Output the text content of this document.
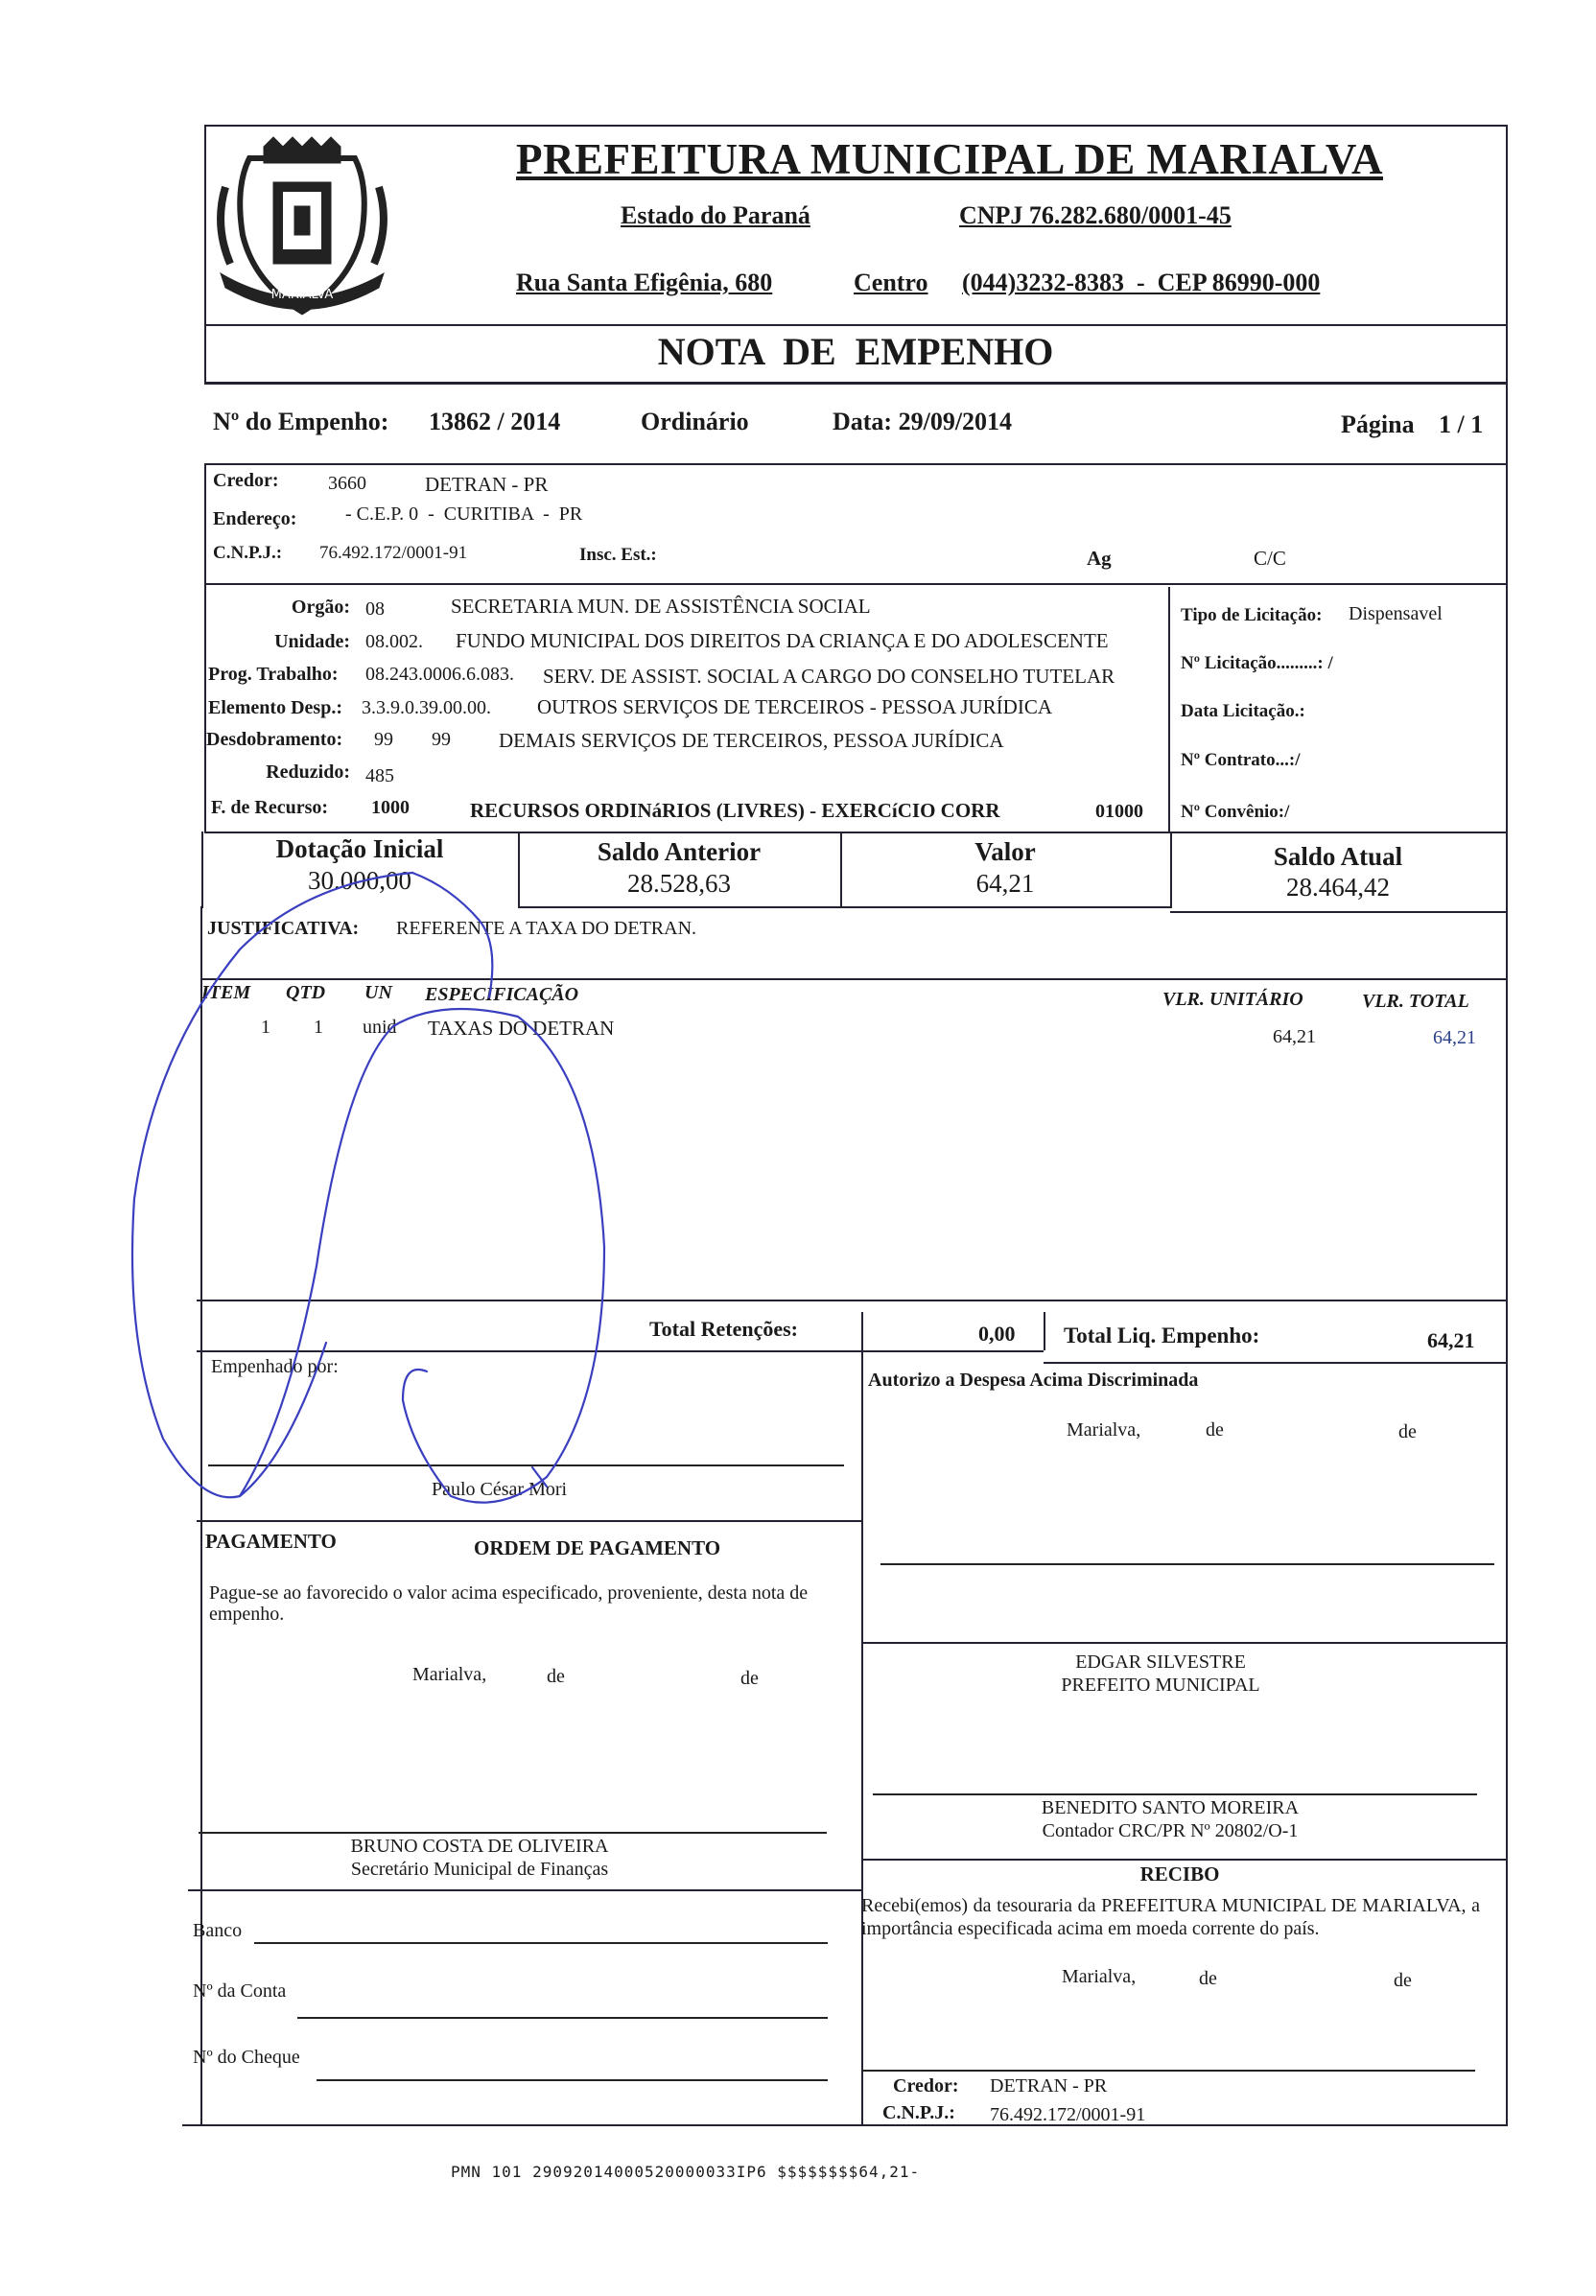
MARIALVA
PREFEITURA MUNICIPAL DE MARIALVA
Estado do Paraná	CNPJ 76.282.680/0001-45
Rua Santa Efigênia, 680	Centro (044)3232-8383  -  CEP 86990-000
NOTA  DE  EMPENHO
Nº do Empenho: 13862 / 2014	Ordinário	Data: 29/09/2014	Página 1 / 1
Credor:	3660	DETRAN - PR
Endereço:	- C.E.P. 0  -  CURITIBA  -  PR
C.N.P.J.: 76.492.172/0001-91	Insc. Est.:	Ag	C/C
Orgão: 08	SECRETARIA MUN. DE ASSISTÊNCIA SOCIAL
Unidade: 08.002. FUNDO MUNICIPAL DOS DIREITOS DA CRIANÇA E DO ADOLESCENTE
Prog. Trabalho: 08.243.0006.6.083. SERV. DE ASSIST. SOCIAL A CARGO DO CONSELHO TUTELAR
Elemento Desp.: 3.3.9.0.39.00.00. OUTROS SERVIÇOS DE TERCEIROS - PESSOA JURÍDICA
Desdobramento: 99 99 DEMAIS SERVIÇOS DE TERCEIROS, PESSOA JURÍDICA
Reduzido: 485
F. de Recurso: 1000	RECURSOS ORDINáRIOS (LIVRES) - EXERCíCIO CORR	01000
Tipo de Licitação: Dispensavel
Nº Licitação.........: /
Data Licitação.:
Nº Contrato...:/
Nº Convênio:/
Dotação Inicial
30.000,00
Saldo Anterior
28.528,63
Valor
64,21
Saldo Atual
28.464,42
JUSTIFICATIVA: REFERENTE A TAXA DO DETRAN.
ITEM QTD UN ESPECIFICAÇÃO	VLR. UNITÁRIO	VLR. TOTAL
1 1 unid TAXAS DO DETRAN	64,21	64,21
Total Retenções:	0,00 Total Liq. Empenho:	64,21
Empenhado por:
Paulo César Mori
Autorizo a Despesa Acima Discriminada
Marialva,	de	de
PAGAMENTO	ORDEM DE PAGAMENTO
Pague-se ao favorecido o valor acima especificado, proveniente, desta nota de empenho.
Marialva,	de	de
BRUNO COSTA DE OLIVEIRA
Secretário Municipal de Finanças
EDGAR SILVESTRE
PREFEITO MUNICIPAL
BENEDITO SANTO MOREIRA
Contador CRC/PR Nº 20802/O-1
RECIBO
Recebi(emos) da tesouraria da PREFEITURA MUNICIPAL DE MARIALVA, a importância especificada acima em moeda corrente do país.
Marialva,	de	de
Credor: DETRAN - PR
C.N.P.J.: 76.492.172/0001-91
Banco
Nº da Conta
Nº do Cheque
PMN 101 29092014000520000033IP6 $$$$$$$$64,21-
